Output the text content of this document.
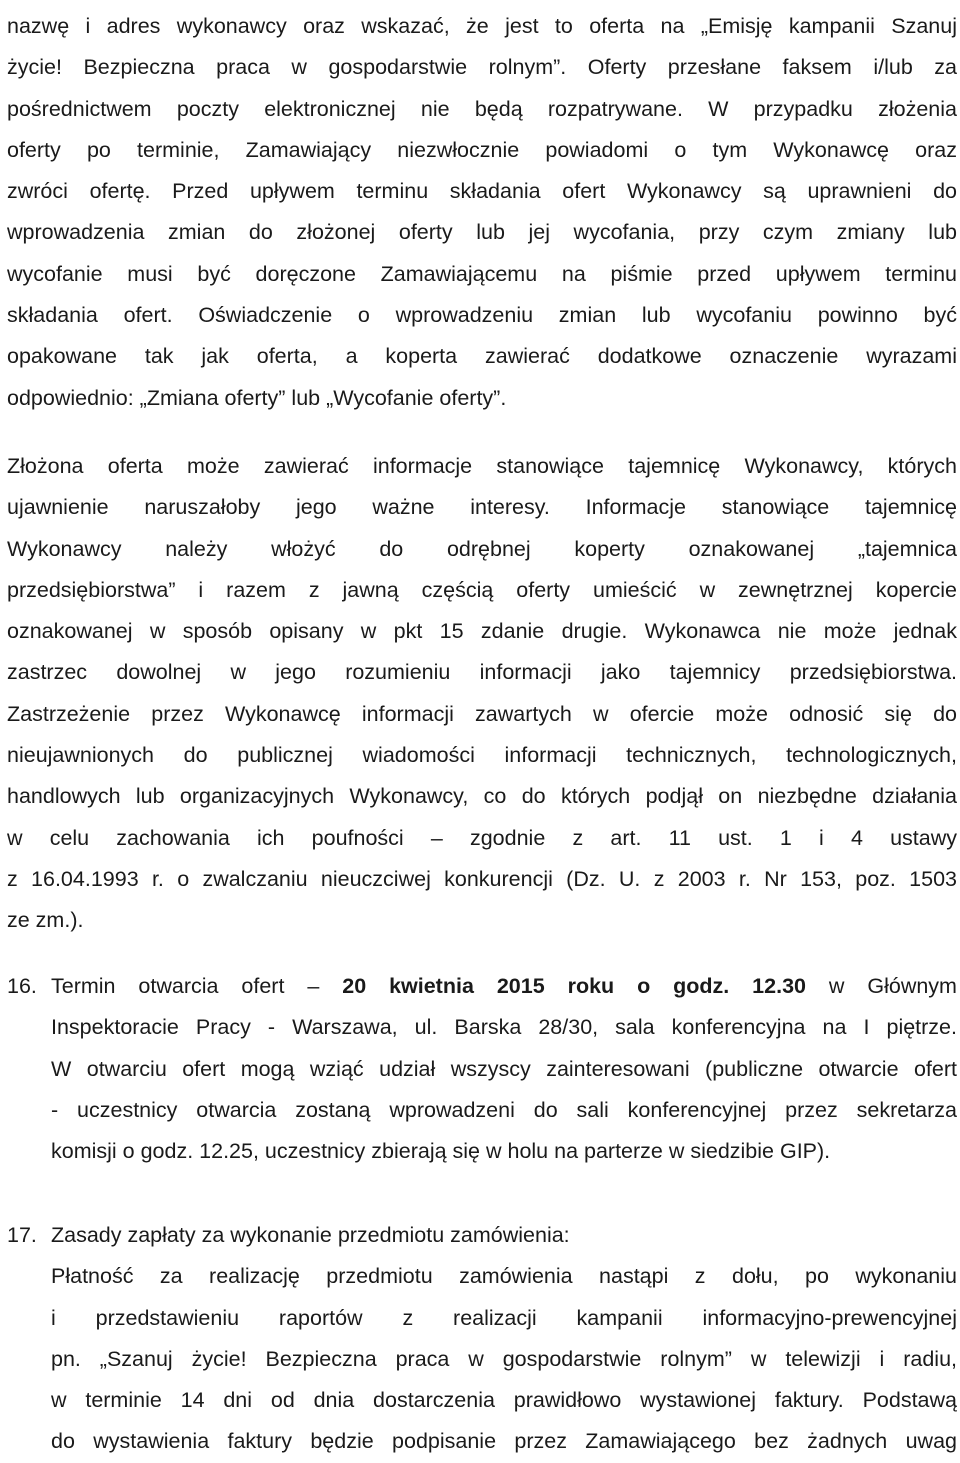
nazwę i adres wykonawcy oraz wskazać, że jest to oferta na „Emisję kampanii Szanuj
życie! Bezpieczna praca w gospodarstwie rolnym”. Oferty przesłane faksem i/lub za
pośrednictwem poczty elektronicznej nie będą rozpatrywane. W przypadku złożenia
oferty po terminie, Zamawiający niezwłocznie powiadomi o tym Wykonawcę oraz
zwróci ofertę. Przed upływem terminu składania ofert Wykonawcy są uprawnieni do
wprowadzenia zmian do złożonej oferty lub jej wycofania, przy czym zmiany lub
wycofanie musi być doręczone Zamawiającemu na piśmie przed upływem terminu
składania ofert. Oświadczenie o wprowadzeniu zmian lub wycofaniu powinno być
opakowane tak jak oferta, a koperta zawierać dodatkowe oznaczenie wyrazami
odpowiednio: „Zmiana oferty” lub „Wycofanie oferty”.
Złożona oferta może zawierać informacje stanowiące tajemnicę Wykonawcy, których
ujawnienie naruszałoby jego ważne interesy. Informacje stanowiące tajemnicę
Wykonawcy należy włożyć do odrębnej koperty oznakowanej „tajemnica
przedsiębiorstwa” i razem z jawną częścią oferty umieścić w zewnętrznej kopercie
oznakowanej w sposób opisany w pkt 15 zdanie drugie. Wykonawca nie może jednak
zastrzec dowolnej w jego rozumieniu informacji jako tajemnicy przedsiębiorstwa.
Zastrzeżenie przez Wykonawcę informacji zawartych w ofercie może odnosić się do
nieujawnionych do publicznej wiadomości informacji technicznych, technologicznych,
handlowych lub organizacyjnych Wykonawcy, co do których podjął on niezbędne działania
w celu zachowania ich poufności – zgodnie z art. 11 ust. 1 i 4 ustawy
z 16.04.1993 r. o zwalczaniu nieuczciwej konkurencji (Dz. U. z 2003 r. Nr 153, poz. 1503
ze zm.).
16. Termin otwarcia ofert – 20 kwietnia 2015 roku o godz. 12.30 w Głównym
Inspektoracie Pracy - Warszawa, ul. Barska 28/30, sala konferencyjna na I piętrze.
W otwarciu ofert mogą wziąć udział wszyscy zainteresowani (publiczne otwarcie ofert
- uczestnicy otwarcia zostaną wprowadzeni do sali konferencyjnej przez sekretarza
komisji o godz. 12.25, uczestnicy zbierają się w holu na parterze w siedzibie GIP).
17. Zasady zapłaty za wykonanie przedmiotu zamówienia:
Płatność za realizację przedmiotu zamówienia nastąpi z dołu, po wykonaniu
i przedstawieniu raportów z realizacji kampanii informacyjno-prewencyjnej
pn. „Szanuj życie! Bezpieczna praca w gospodarstwie rolnym” w telewizji i radiu,
w terminie 14 dni od dnia dostarczenia prawidłowo wystawionej faktury. Podstawą
do wystawienia faktury będzie podpisanie przez Zamawiającego bez żadnych uwag
